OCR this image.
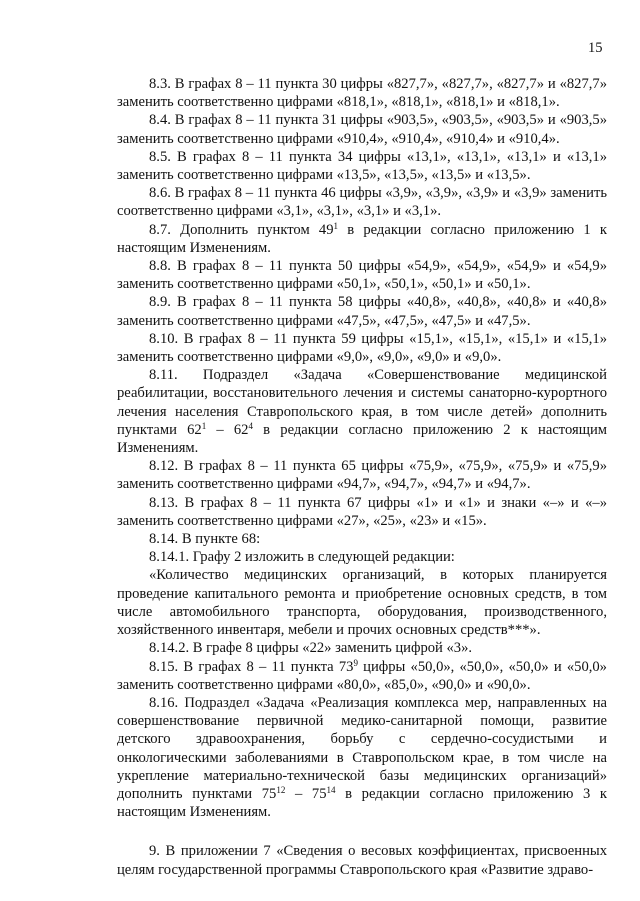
15

8.3. В графах 8 – 11 пункта 30 цифры «827,7», «827,7», «827,7» и «827,7» заменить соответственно цифрами «818,1», «818,1», «818,1» и «818,1».

8.4. В графах 8 – 11 пункта 31 цифры «903,5», «903,5», «903,5» и «903,5» заменить соответственно цифрами «910,4», «910,4», «910,4» и «910,4».

8.5. В графах 8 – 11 пункта 34 цифры «13,1», «13,1», «13,1» и «13,1» заменить соответственно цифрами «13,5», «13,5», «13,5» и «13,5».

8.6. В графах 8 – 11 пункта 46 цифры «3,9», «3,9», «3,9» и «3,9» заменить соответственно цифрами «3,1», «3,1», «3,1» и «3,1».

8.7. Дополнить пунктом $49^1$ в редакции согласно приложению 1 к настоящим Изменениям.

8.8. В графах 8 – 11 пункта 50 цифры «54,9», «54,9», «54,9» и «54,9» заменить соответственно цифрами «50,1», «50,1», «50,1» и «50,1».

8.9. В графах 8 – 11 пункта 58 цифры «40,8», «40,8», «40,8» и «40,8» заменить соответственно цифрами «47,5», «47,5», «47,5» и «47,5».

8.10. В графах 8 – 11 пункта 59 цифры «15,1», «15,1», «15,1» и «15,1» заменить соответственно цифрами «9,0», «9,0», «9,0» и «9,0».

8.11. Подраздел «Задача «Совершенствование медицинской реабилитации, восстановительного лечения и системы санаторно-курортного лечения населения Ставропольского края, в том числе детей» дополнить пунктами $62^1 - 62^4$ в редакции согласно приложению 2 к настоящим Изменениям.

8.12. В графах 8 – 11 пункта 65 цифры «75,9», «75,9», «75,9» и «75,9» заменить соответственно цифрами «94,7», «94,7», «94,7» и «94,7».

8.13. В графах 8 – 11 пункта 67 цифры «1» и «1» и знаки «–» и «–» заменить соответственно цифрами «27», «25», «23» и «15».

8.14. В пункте 68:

8.14.1. Графу 2 изложить в следующей редакции:

«Количество медицинских организаций, в которых планируется проведение капитального ремонта и приобретение основных средств, в том числе автомобильного транспорта, оборудования, производственного, хозяйственного инвентаря, мебели и прочих основных средств***».

8.14.2. В графе 8 цифры «22» заменить цифрой «3».

8.15. В графах 8 – 11 пункта $73^9$ цифры «50,0», «50,0», «50,0» и «50,0» заменить соответственно цифрами «80,0», «85,0», «90,0» и «90,0».

8.16. Подраздел «Задача «Реализация комплекса мер, направленных на совершенствование первичной медико-санитарной помощи, развитие детского здравоохранения, борьбу с сердечно-сосудистыми и онкологическими заболеваниями в Ставропольском крае, в том числе на укрепление материально-технической базы медицинских организаций» дополнить пунктами $75^{12} - 75^{14}$ в редакции согласно приложению 3 к настоящим Изменениям.

9. В приложении 7 «Сведения о весовых коэффициентах, присвоенных целям государственной программы Ставропольского края «Развитие здраво-
